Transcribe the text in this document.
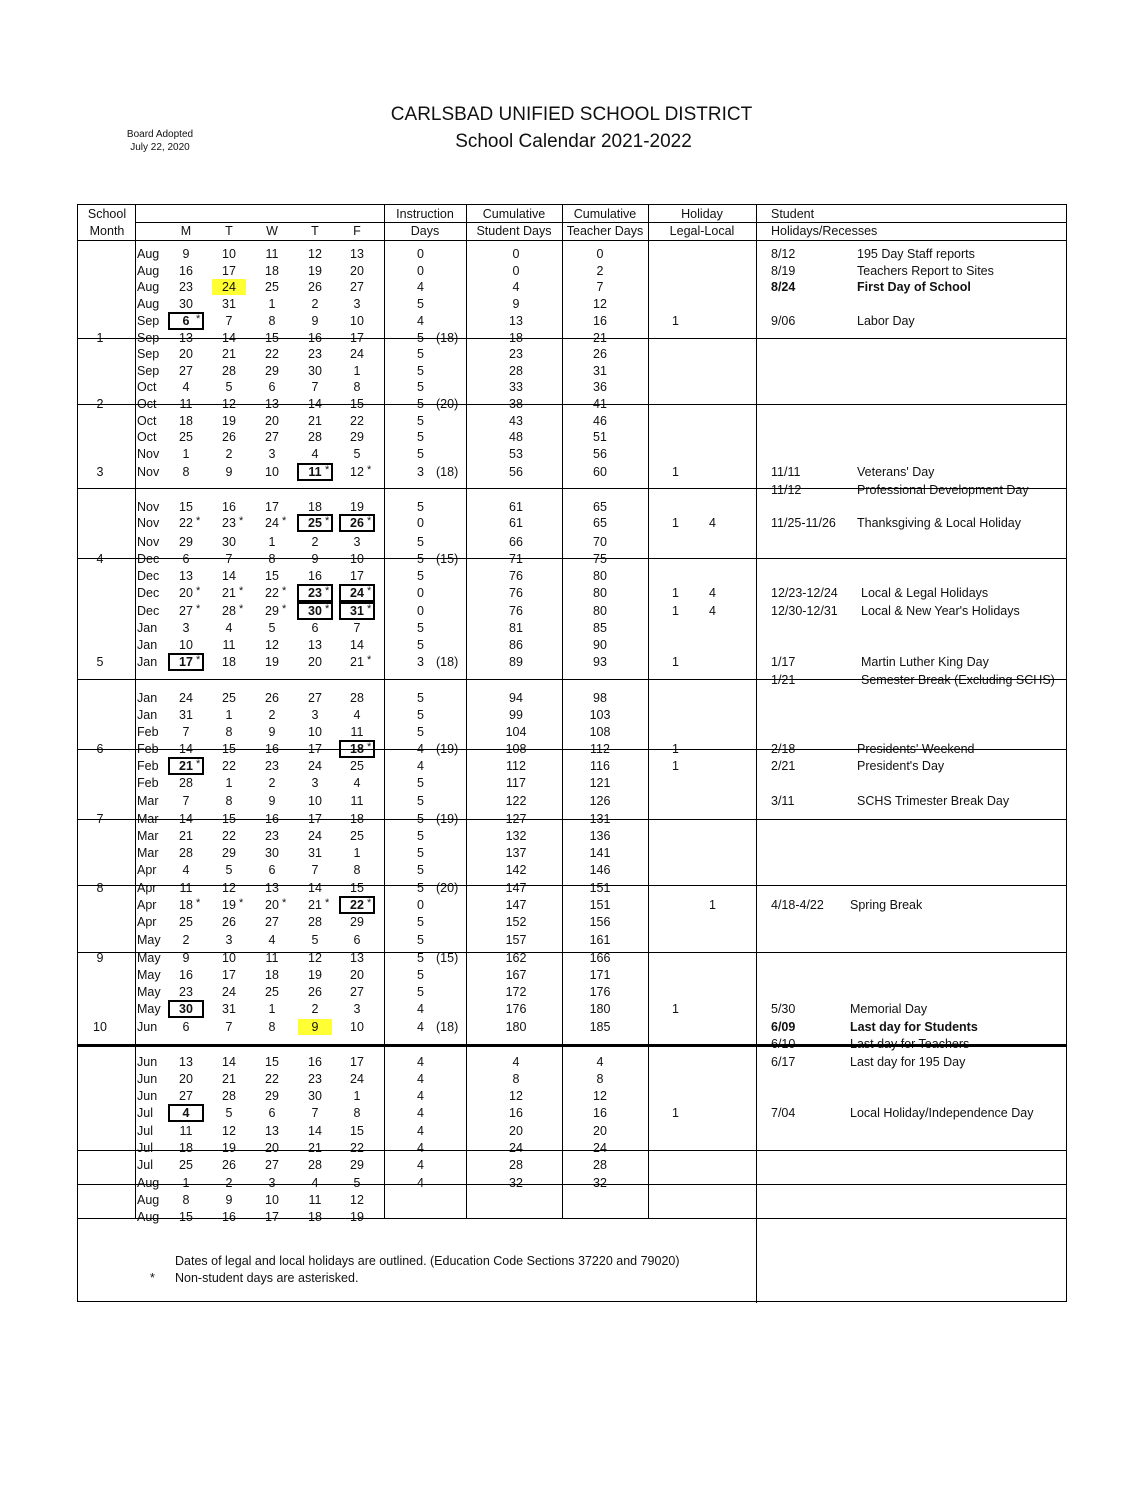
Board Adopted
July 22, 2020
CARLSBAD UNIFIED SCHOOL DISTRICT
School Calendar 2021-2022
School
Month	M	T	W	T	F
Instruction
Days
Cumulative
Student Days
Cumulative
Teacher Days
Holiday
Legal-Local
Student
Holidays/Recesses
Dates of legal and local holidays are outlined. (Education Code Sections 37220 and 79020)
* Non-student days are asterisked.
Aug	9	10	11	12	13	0	0	0
Aug	16	17	18	19	20	0	0	2
Aug	23	24	25	26	27	4	4	7
Aug	30	31	1	2	3	5	9	12
Sep	6 *	7	8	9	10	4	13	16	1
Sep	13	14	15	16	17	5 (18)	18	21
1
Sep	20	21	22	23	24	5	23	26
Sep	27	28	29	30	1	5	28	31
Oct	4	5	6	7	8	5	33	36
Oct	11	12	13	14	15	5 (20)	38	41
2
Oct	18	19	20	21	22	5	43	46
Oct	25	26	27	28	29	5	48	51
Nov	1	2	3	4	5	5	53	56
Nov	8	9	10	11 *	12 *	3 (18)	56	60	1
3
Nov	15	16	17	18	19	5	61	65
Nov	22 *	23 *	24 *	25 *	26 *	0	61	65	1 4
Nov	29	30	1	2	3	5	66	70
Dec	6	7	8	9	10	5 (15)	71	75
4
Dec	13	14	15	16	17	5	76	80
Dec	20 *	21 *	22 *	23 *	24 *	0	76	80	1 4
Dec	27 *	28 *	29 *	30 *	31 *	0	76	80	1 4
Jan	3	4	5	6	7	5	81	85
Jan	10	11	12	13	14	5	86	90
Jan	17 *	18	19	20	21 *	3 (18)	89	93	1
5
Jan	24	25	26	27	28	5	94	98
Jan	31	1	2	3	4	5	99	103
Feb	7	8	9	10	11	5	104	108
Feb	14	15	16	17	18 *	4 (19)	108	112	1
6
Feb	21 *	22	23	24	25	4	112	116	1
Feb	28	1	2	3	4	5	117	121
Mar	7	8	9	10	11	5	122	126
Mar	14	15	16	17	18	5 (19)	127	131
7
Mar	21	22	23	24	25	5	132	136
Mar	28	29	30	31	1	5	137	141
Apr	4	5	6	7	8	5	142	146
Apr	11	12	13	14	15	5 (20)	147	151
8
Apr	18 *	19 *	20 *	21 *	22 *	0	147	151	1
Apr	25	26	27	28	29	5	152	156
May	2	3	4	5	6	5	157	161
May	9	10	11	12	13	5 (15)	162	166
9
May	16	17	18	19	20	5	167	171
May	23	24	25	26	27	5	172	176
May	30	31	1	2	3	4	176	180	1
Jun	6	7	8	9	10	4 (18)	180	185
10
Jun	13	14	15	16	17	4	4	4
Jun	20	21	22	23	24	4	8	8
Jun	27	28	29	30	1	4	12	12
Jul	4	5	6	7	8	4	16	16	1
Jul	11	12	13	14	15	4	20	20
Jul	18	19	20	21	22	4	24	24
Jul	25	26	27	28	29	4	28	28
Aug	1	2	3	4	5	4	32	32
Aug	8	9	10	11	12
Aug	15	16	17	18	19
8/12	195 Day Staff reports
8/19	Teachers Report to Sites
8/24	First Day of School
9/06	Labor Day
11/11	Veterans' Day
11/12	Professional Development Day
11/25-11/26 Thanksgiving & Local Holiday
12/23-12/24 Local & Legal Holidays
12/30-12/31 Local & New Year's Holidays
1/17	Martin Luther King Day
1/21	Semester Break (Excluding SCHS)
2/18	Presidents' Weekend
2/21	President's Day
3/11	SCHS Trimester Break Day
4/18-4/22 Spring Break
5/30	Memorial Day
6/09	Last day for Students
6/10	Last day for Teachers
6/17	Last day for 195 Day
7/04	Local Holiday/Independence Day
